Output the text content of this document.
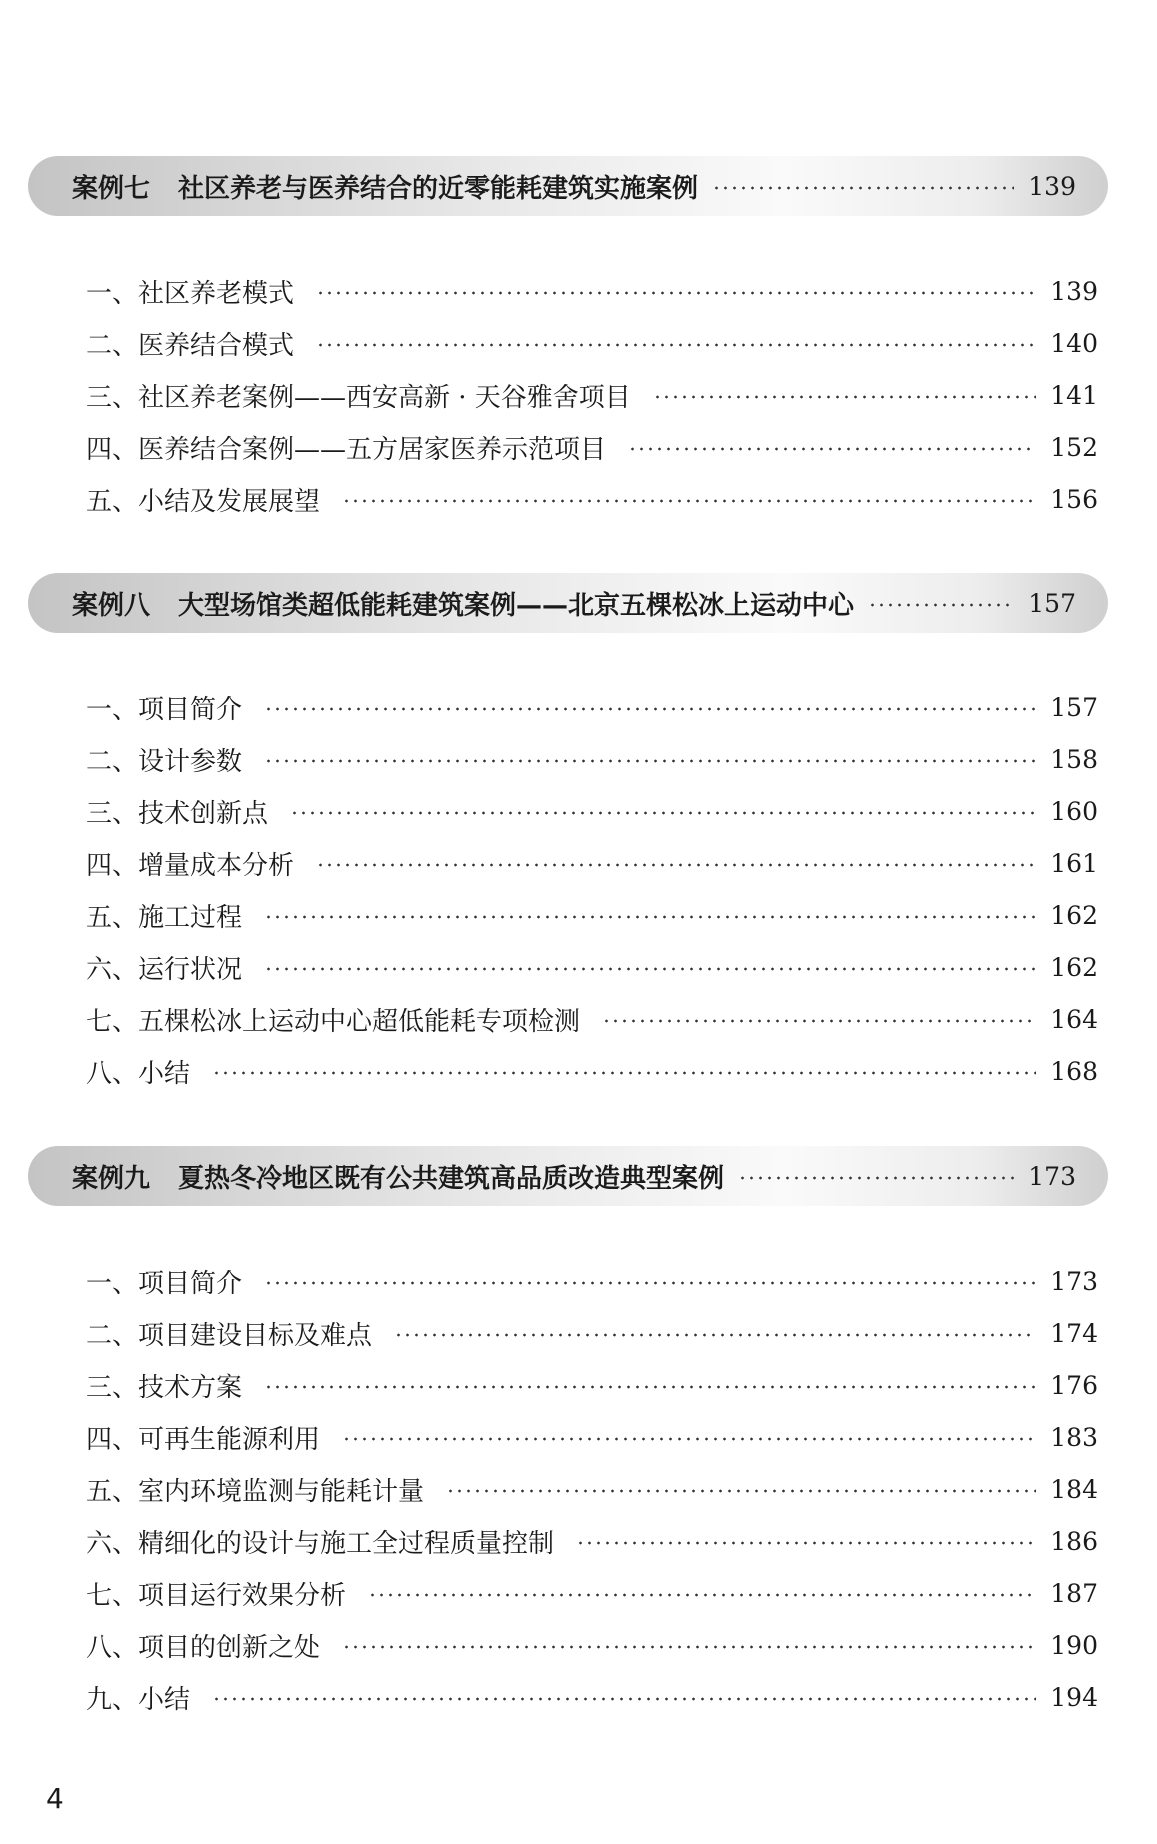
案例七 社区养老与医养结合的近零能耗建筑实施案例	139
一、社区养老模式	139
二、医养结合模式	140
三、社区养老案例——西安高新 · 天谷雅舍项目	141
四、医养结合案例——五方居家医养示范项目	152
五、小结及发展展望	156
案例八 大型场馆类超低能耗建筑案例——北京五棵松冰上运动中心	157
一、项目简介	157
二、设计参数	158
三、技术创新点	160
四、增量成本分析	161
五、施工过程	162
六、运行状况	162
七、五棵松冰上运动中心超低能耗专项检测	164
八、小结	168
案例九 夏热冬冷地区既有公共建筑高品质改造典型案例	173
一、项目简介	173
二、项目建设目标及难点	174
三、技术方案	176
四、可再生能源利用	183
五、室内环境监测与能耗计量	184
六、精细化的设计与施工全过程质量控制	186
七、项目运行效果分析	187
八、项目的创新之处	190
九、小结	194
4
